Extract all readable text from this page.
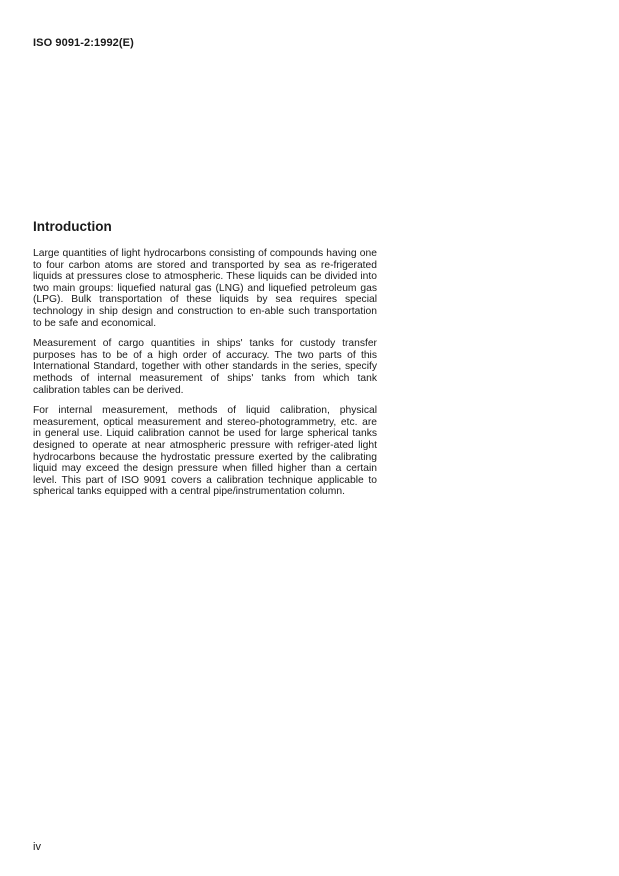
ISO 9091-2:1992(E)
Introduction

Large quantities of light hydrocarbons consisting of compounds having one to four carbon atoms are stored and transported by sea as re-frigerated liquids at pressures close to atmospheric. These liquids can be divided into two main groups: liquefied natural gas (LNG) and liquefied petroleum gas (LPG). Bulk transportation of these liquids by sea requires special technology in ship design and construction to en-able such transportation to be safe and economical.

Measurement of cargo quantities in ships' tanks for custody transfer purposes has to be of a high order of accuracy. The two parts of this International Standard, together with other standards in the series, specify methods of internal measurement of ships' tanks from which tank calibration tables can be derived.

For internal measurement, methods of liquid calibration, physical measurement, optical measurement and stereo-photogrammetry, etc. are in general use. Liquid calibration cannot be used for large spherical tanks designed to operate at near atmospheric pressure with refriger-ated light hydrocarbons because the hydrostatic pressure exerted by the calibrating liquid may exceed the design pressure when filled higher than a certain level. This part of ISO 9091 covers a calibration technique applicable to spherical tanks equipped with a central pipe/instrumentation column.

iv
